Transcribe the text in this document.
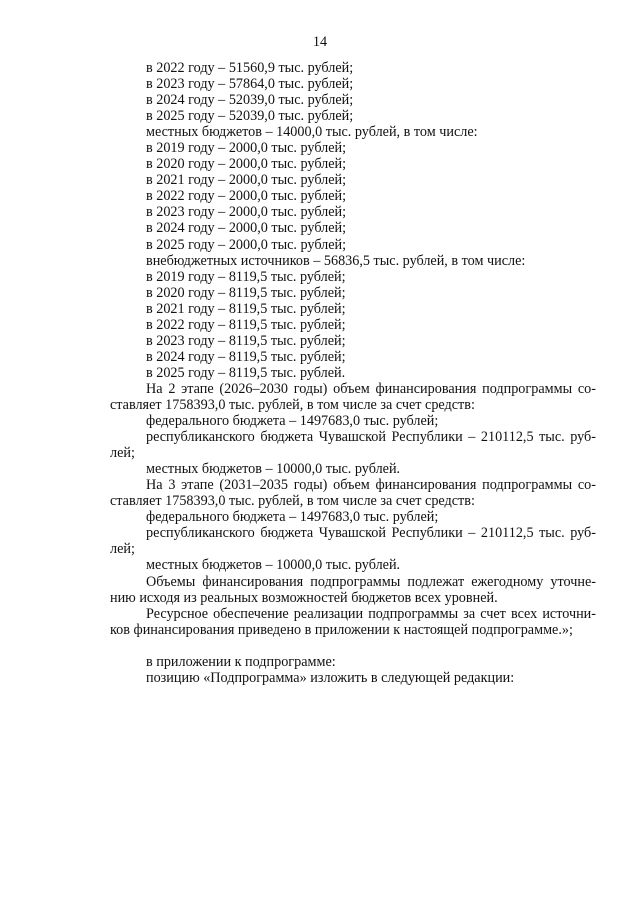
14
в 2022 году – 51560,9 тыс. рублей;
в 2023 году – 57864,0 тыс. рублей;
в 2024 году – 52039,0 тыс. рублей;
в 2025 году – 52039,0 тыс. рублей;
местных бюджетов – 14000,0 тыс. рублей, в том числе:
в 2019 году – 2000,0 тыс. рублей;
в 2020 году – 2000,0 тыс. рублей;
в 2021 году – 2000,0 тыс. рублей;
в 2022 году – 2000,0 тыс. рублей;
в 2023 году – 2000,0 тыс. рублей;
в 2024 году – 2000,0 тыс. рублей;
в 2025 году – 2000,0 тыс. рублей;
внебюджетных источников – 56836,5 тыс. рублей, в том числе:
в 2019 году – 8119,5 тыс. рублей;
в 2020 году – 8119,5 тыс. рублей;
в 2021 году – 8119,5 тыс. рублей;
в 2022 году – 8119,5 тыс. рублей;
в 2023 году – 8119,5 тыс. рублей;
в 2024 году – 8119,5 тыс. рублей;
в 2025 году – 8119,5 тыс. рублей.
На 2 этапе (2026–2030 годы) объем финансирования подпрограммы со-
ставляет 1758393,0 тыс. рублей, в том числе за счет средств:
федерального бюджета – 1497683,0 тыс. рублей;
республиканского бюджета Чувашской Республики – 210112,5 тыс. руб-
лей;
местных бюджетов – 10000,0 тыс. рублей.
На 3 этапе (2031–2035 годы) объем финансирования подпрограммы со-
ставляет 1758393,0 тыс. рублей, в том числе за счет средств:
федерального бюджета – 1497683,0 тыс. рублей;
республиканского бюджета Чувашской Республики – 210112,5 тыс. руб-
лей;
местных бюджетов – 10000,0 тыс. рублей.
Объемы финансирования подпрограммы подлежат ежегодному уточне-
нию исходя из реальных возможностей бюджетов всех уровней.
Ресурсное обеспечение реализации подпрограммы за счет всех источни-
ков финансирования приведено в приложении к настоящей подпрограмме.»;
в приложении к подпрограмме:
позицию «Подпрограмма» изложить в следующей редакции:
